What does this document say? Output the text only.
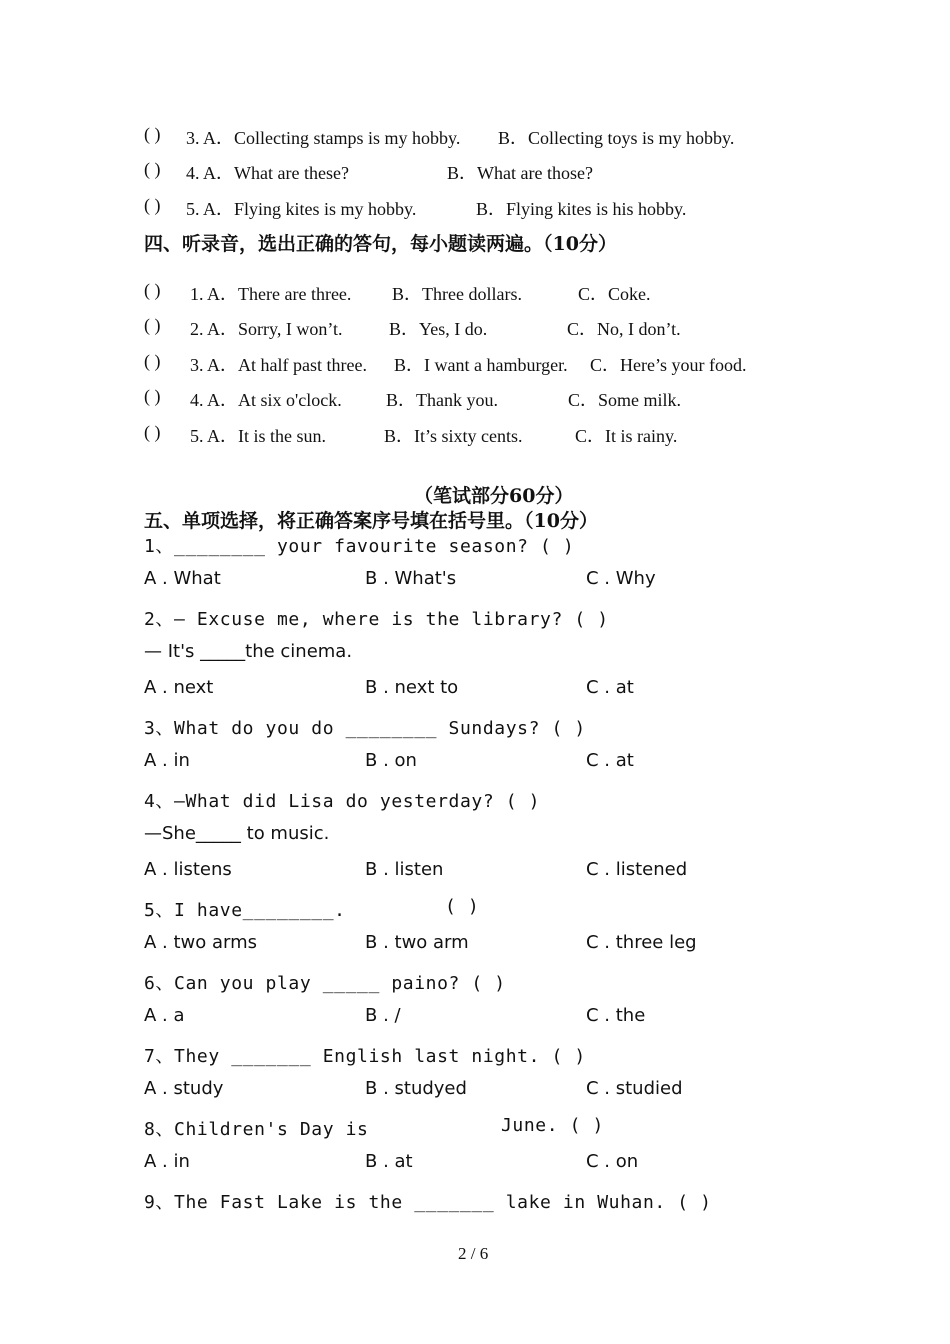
( ) 3. A．Collecting stamps is my hobby. B．Collecting toys is my hobby.
( ) 4. A．What are these?	B．What are those?
( ) 5. A．Flying kites is my hobby.	B．Flying kites is his hobby.
四、听录音，选出正确的答句，每小题读两遍。（10分）
( ) 1. A．There are three. B．Three dollars.	C．Coke.
( ) 2. A．Sorry, I won’t.	B．Yes, I do.	C．No, I don’t.
( ) 3. A．At half past three. B．I want a hamburger. C．Here’s your food.
( ) 4. A．At six o'clock. B．Thank you.	C．Some milk.
( ) 5. A．It is the sun.	B．It’s sixty cents.	C．It is rainy.
（笔试部分60分）
五、单项选择，将正确答案序号填在括号里。（10分）
1、________ your favourite season? ( )
A . What	B . What's	C . Why
2、— Excuse me, where is the library? ( )
— It's _____the cinema.
A . next	B . next to	C . at
3、What do you do ________ Sundays? ( )
A . in	B . on	C . at
4、—What did Lisa do yesterday? ( )
—She_____ to music.
A . listens	B . listen	C . listened
5、I have________.	( )
A . two arms	B . two arm	C . three leg
6、Can you play _____ paino? ( )
A . a	B . /	C . the
7、They _______ English last night. ( )
A . study	B . studyed	C . studied
8、Children's Day is	June. ( )
A . in	B . at	C . on
9、The Fast Lake is the _______ lake in Wuhan. ( )
2 / 6
